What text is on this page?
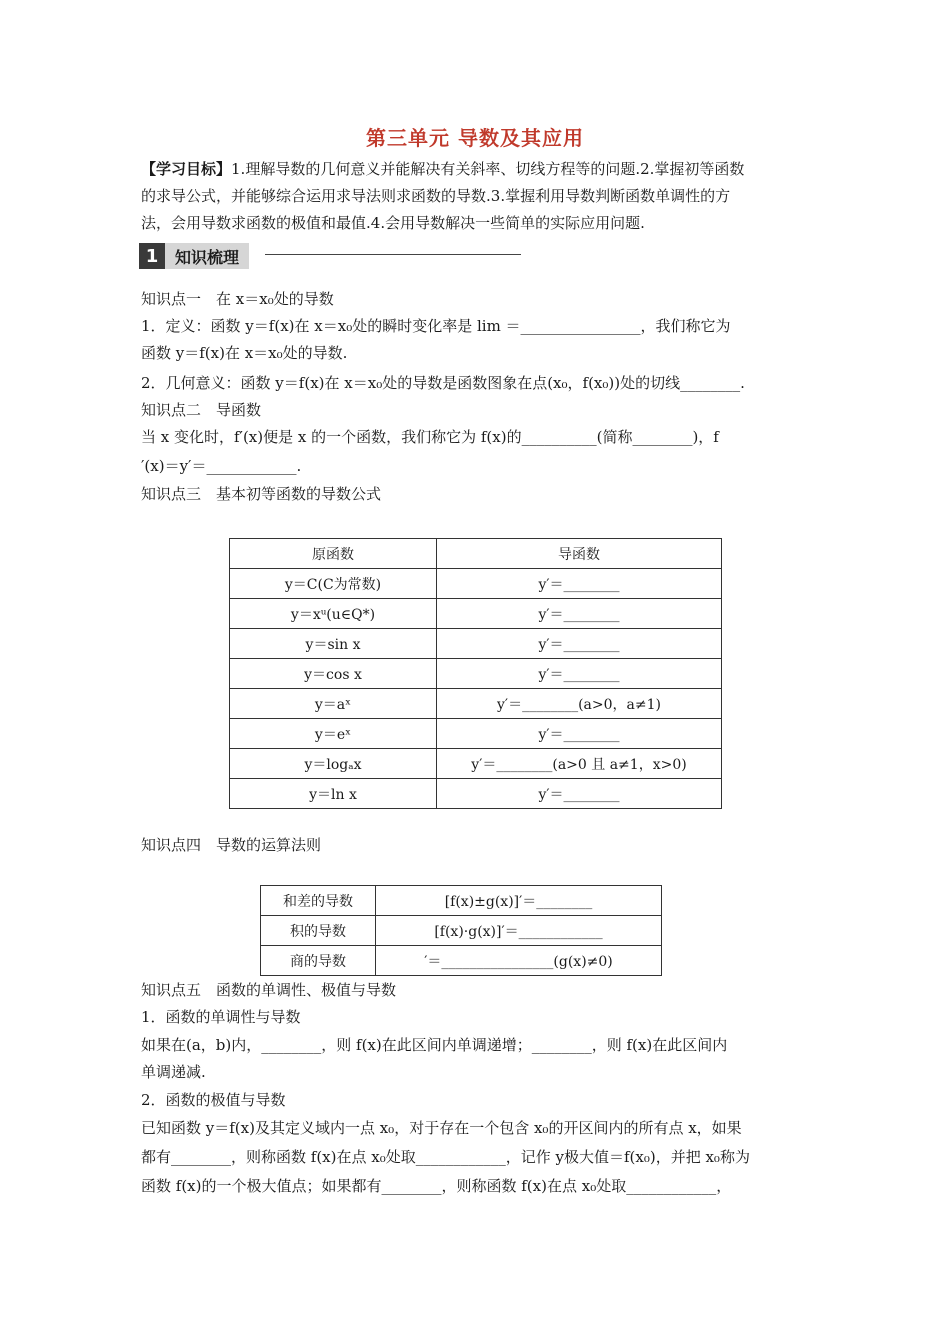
第三单元 导数及其应用
【学习目标】1.理解导数的几何意义并能解决有关斜率、切线方程等的问题.2.掌握初等函数
的求导公式，并能够综合运用求导法则求函数的导数.3.掌握利用导数判断函数单调性的方
法，会用导数求函数的极值和最值.4.会用导数解决一些简单的实际应用问题.
1	知识梳理
知识点一　在 x＝x₀处的导数
1．定义：函数 y＝f(x)在 x＝x₀处的瞬时变化率是 lim ＝________________，我们称它为
函数 y＝f(x)在 x＝x₀处的导数.
2．几何意义：函数 y＝f(x)在 x＝x₀处的导数是函数图象在点(x₀，f(x₀))处的切线________.
知识点二　导函数
当 x 变化时，f′(x)便是 x 的一个函数，我们称它为 f(x)的__________(简称________)，f
′(x)＝y′＝____________.
知识点三　基本初等函数的导数公式
原函数	导函数
y＝C(C为常数)	y′＝________
y＝xᵘ(u∈Q*)	y′＝________
y＝sin x	y′＝________
y＝cos x	y′＝________
y＝aˣ	y′＝________(a>0，a≠1)
y＝eˣ	y′＝________
y＝logₐx	y′＝________(a>0 且 a≠1，x>0)
y＝ln x	y′＝________
知识点四　导数的运算法则
和差的导数	[f(x)±g(x)]′＝________
积的导数	[f(x)·g(x)]′＝____________
商的导数	′＝________________(g(x)≠0)
知识点五　函数的单调性、极值与导数
1．函数的单调性与导数
如果在(a，b)内，________，则 f(x)在此区间内单调递增；________，则 f(x)在此区间内
单调递减.
2．函数的极值与导数
已知函数 y＝f(x)及其定义域内一点 x₀，对于存在一个包含 x₀的开区间内的所有点 x，如果
都有________，则称函数 f(x)在点 x₀处取____________，记作 y极大值＝f(x₀)，并把 x₀称为
函数 f(x)的一个极大值点；如果都有________，则称函数 f(x)在点 x₀处取____________，
